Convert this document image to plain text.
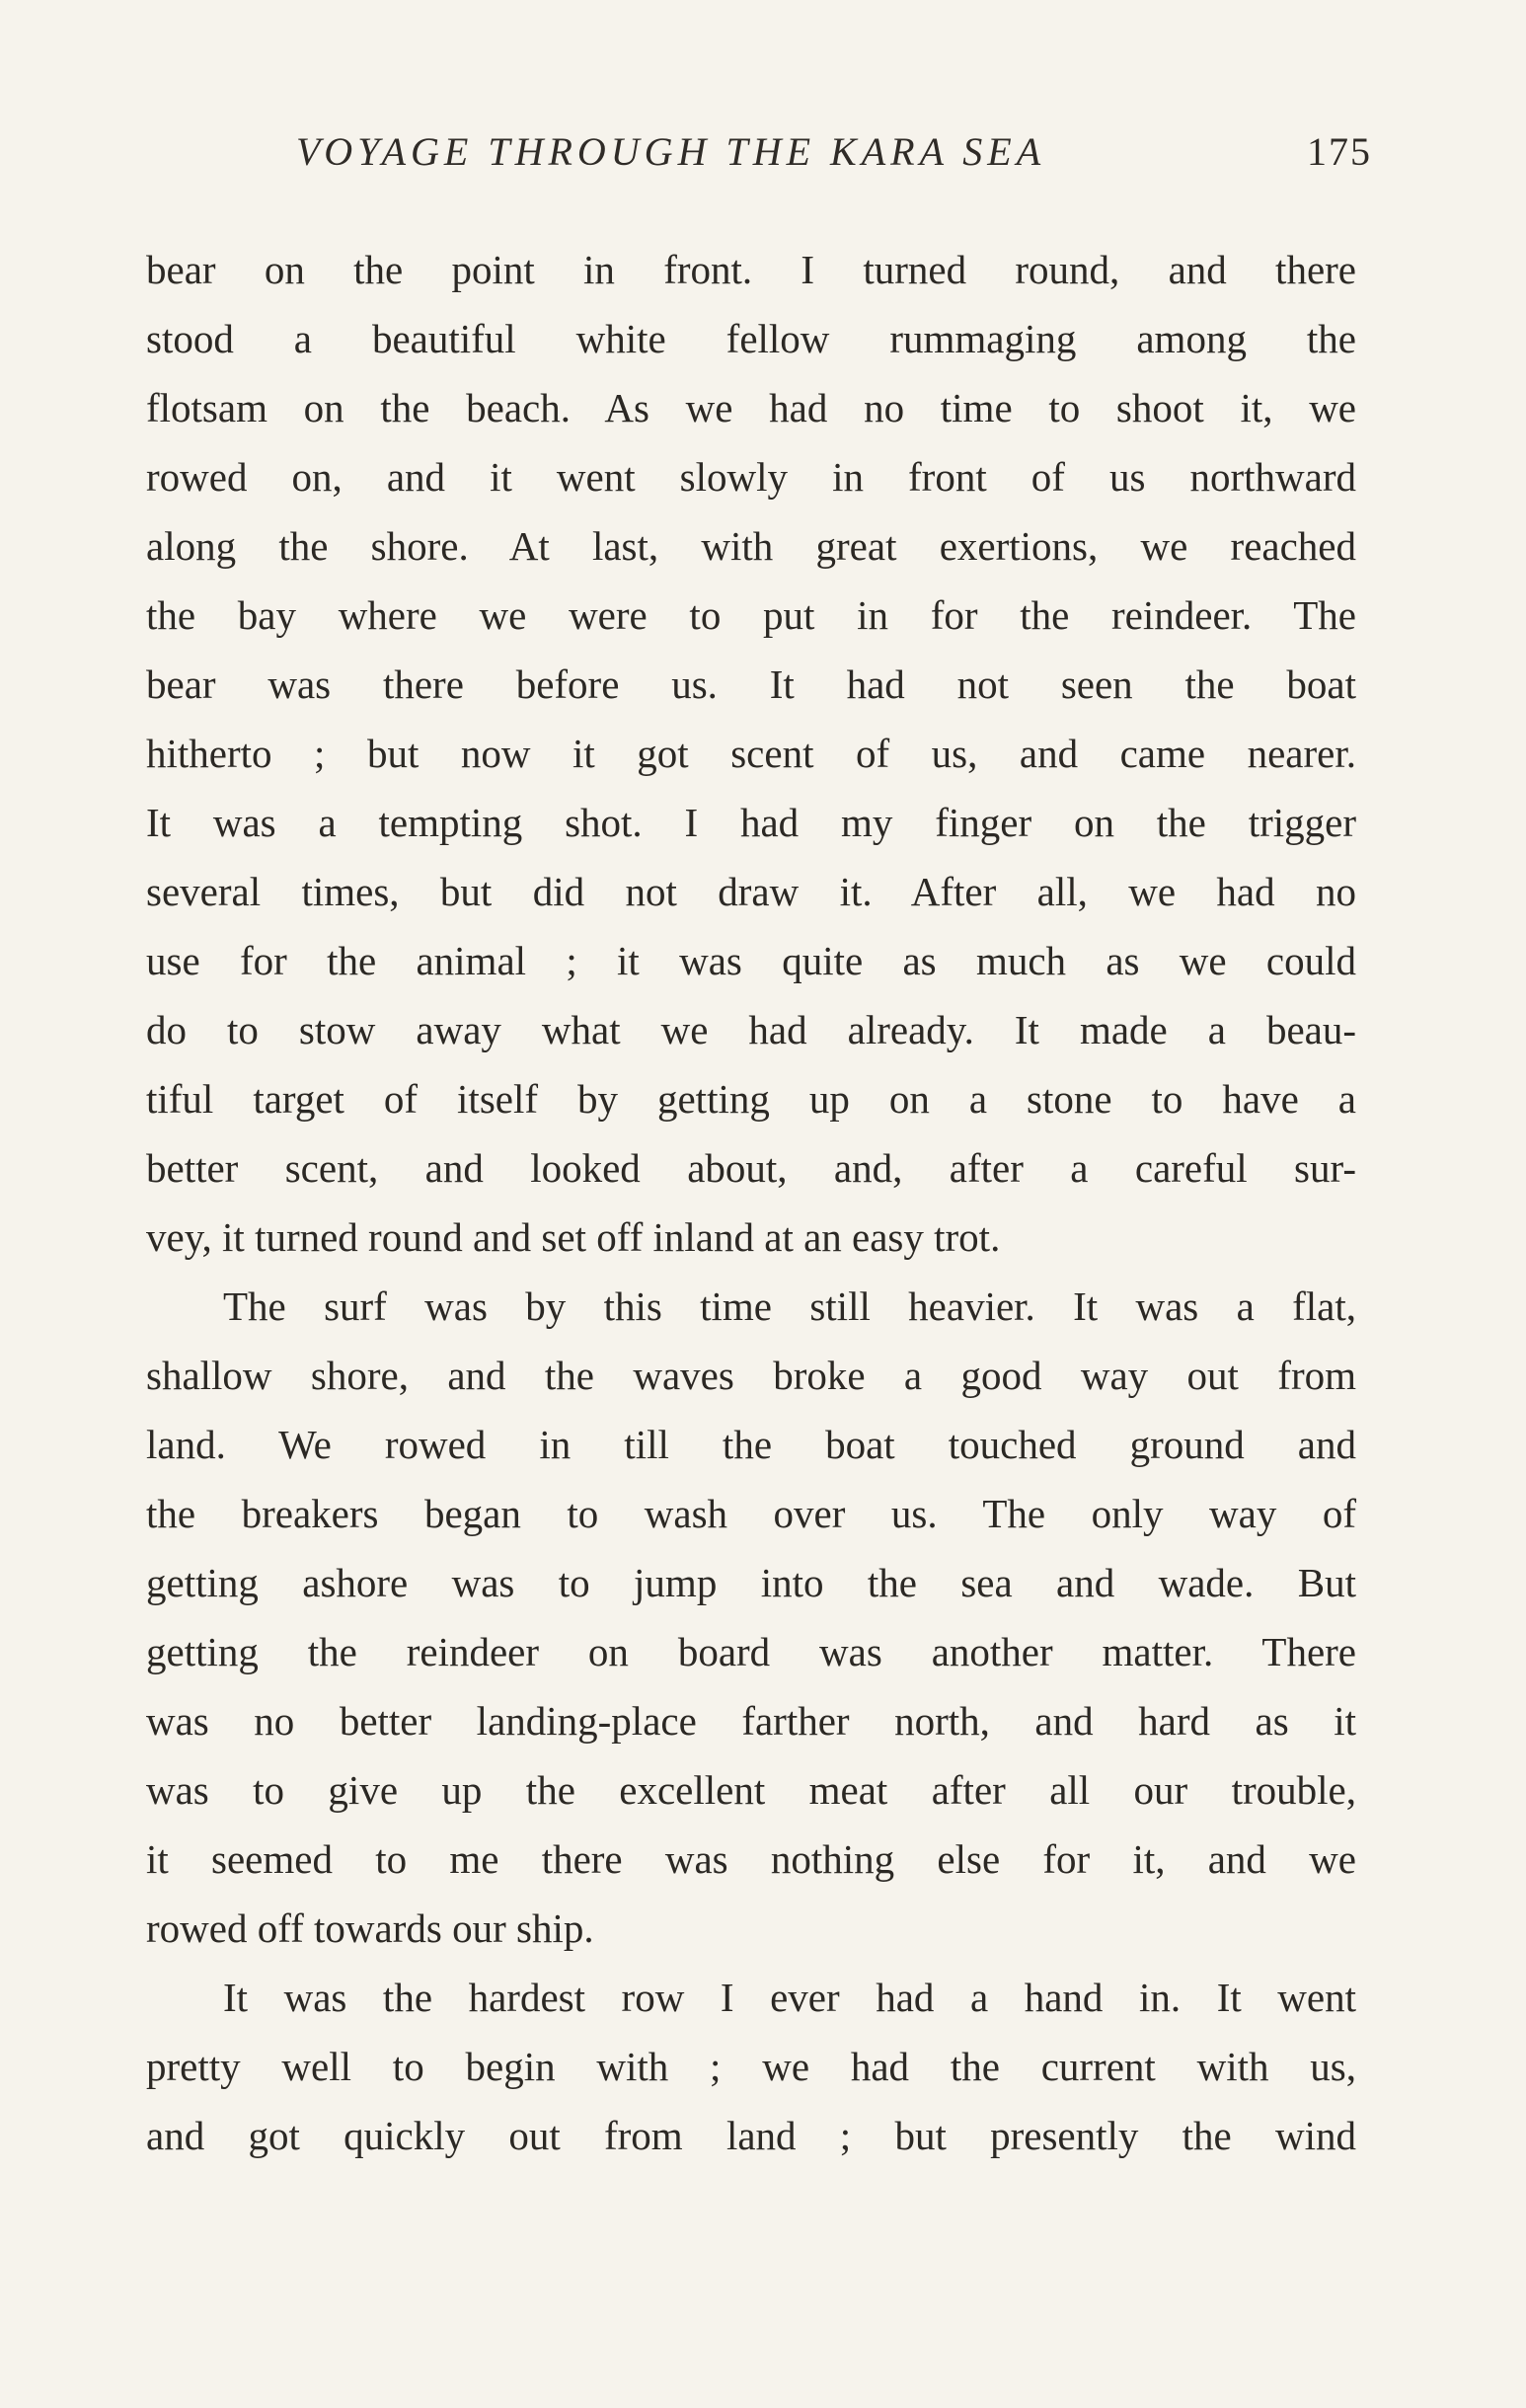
VOYAGE THROUGH THE KARA SEA	175
bear on the point in front. I turned round, and there
stood a beautiful white fellow rummaging among the
flotsam on the beach. As we had no time to shoot it, we
rowed on, and it went slowly in front of us northward
along the shore. At last, with great exertions, we reached
the bay where we were to put in for the reindeer. The
bear was there before us. It had not seen the boat
hitherto ; but now it got scent of us, and came nearer.
It was a tempting shot. I had my finger on the trigger
several times, but did not draw it. After all, we had no
use for the animal ; it was quite as much as we could
do to stow away what we had already. It made a beau-
tiful target of itself by getting up on a stone to have a
better scent, and looked about, and, after a careful sur-
vey, it turned round and set off inland at an easy trot.
The surf was by this time still heavier. It was a flat,
shallow shore, and the waves broke a good way out from
land. We rowed in till the boat touched ground and
the breakers began to wash over us. The only way of
getting ashore was to jump into the sea and wade. But
getting the reindeer on board was another matter. There
was no better landing-place farther north, and hard as it
was to give up the excellent meat after all our trouble,
it seemed to me there was nothing else for it, and we
rowed off towards our ship.
It was the hardest row I ever had a hand in. It went
pretty well to begin with ; we had the current with us,
and got quickly out from land ; but presently the wind
